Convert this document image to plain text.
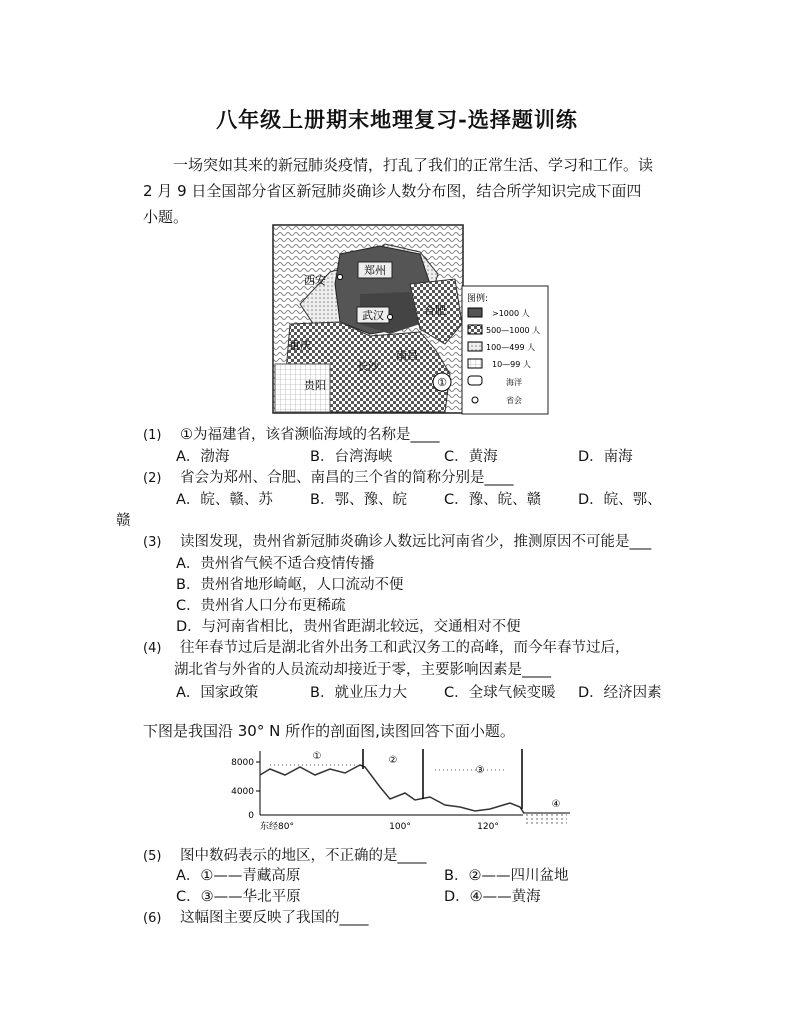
八年级上册期末地理复习-选择题训练
一场突如其来的新冠肺炎疫情，打乱了我们的正常生活、学习和工作。读
2 月 9 日全国部分省区新冠肺炎确诊人数分布图，结合所学知识完成下面四
小题。
郑州
西安
武汉	合肥
重庆
长沙
南昌
贵阳	①
图例:
>1000 人
500—1000 人
100—499 人
10—99 人
海洋
省会
(1) ①为福建省，该省濒临海域的名称是____
A．渤海	B．台湾海峡	C．黄海	D．南海
(2) 省会为郑州、合肥、南昌的三个省的简称分别是____
A．皖、赣、苏	B．鄂、豫、皖	C．豫、皖、赣	D．皖、鄂、
赣
(3) 读图发现，贵州省新冠肺炎确诊人数远比河南省少，推测原因不可能是___
A．贵州省气候不适合疫情传播
B．贵州省地形崎岖，人口流动不便
C．贵州省人口分布更稀疏
D．与河南省相比，贵州省距湖北较远，交通相对不便
(4) 往年春节过后是湖北省外出务工和武汉务工的高峰，而今年春节过后，
湖北省与外省的人员流动却接近于零，主要影响因素是____
A．国家政策	B．就业压力大	C．全球气候变暖 D．经济因素
下图是我国沿 30° N 所作的剖面图,读图回答下面小题。
8000
4000
0
①	②
③
④
东经80°	100°	120°
(5) 图中数码表示的地区，不正确的是____
A．①——青藏高原	B．②——四川盆地
C．③——华北平原	D．④——黄海
(6) 这幅图主要反映了我国的____
